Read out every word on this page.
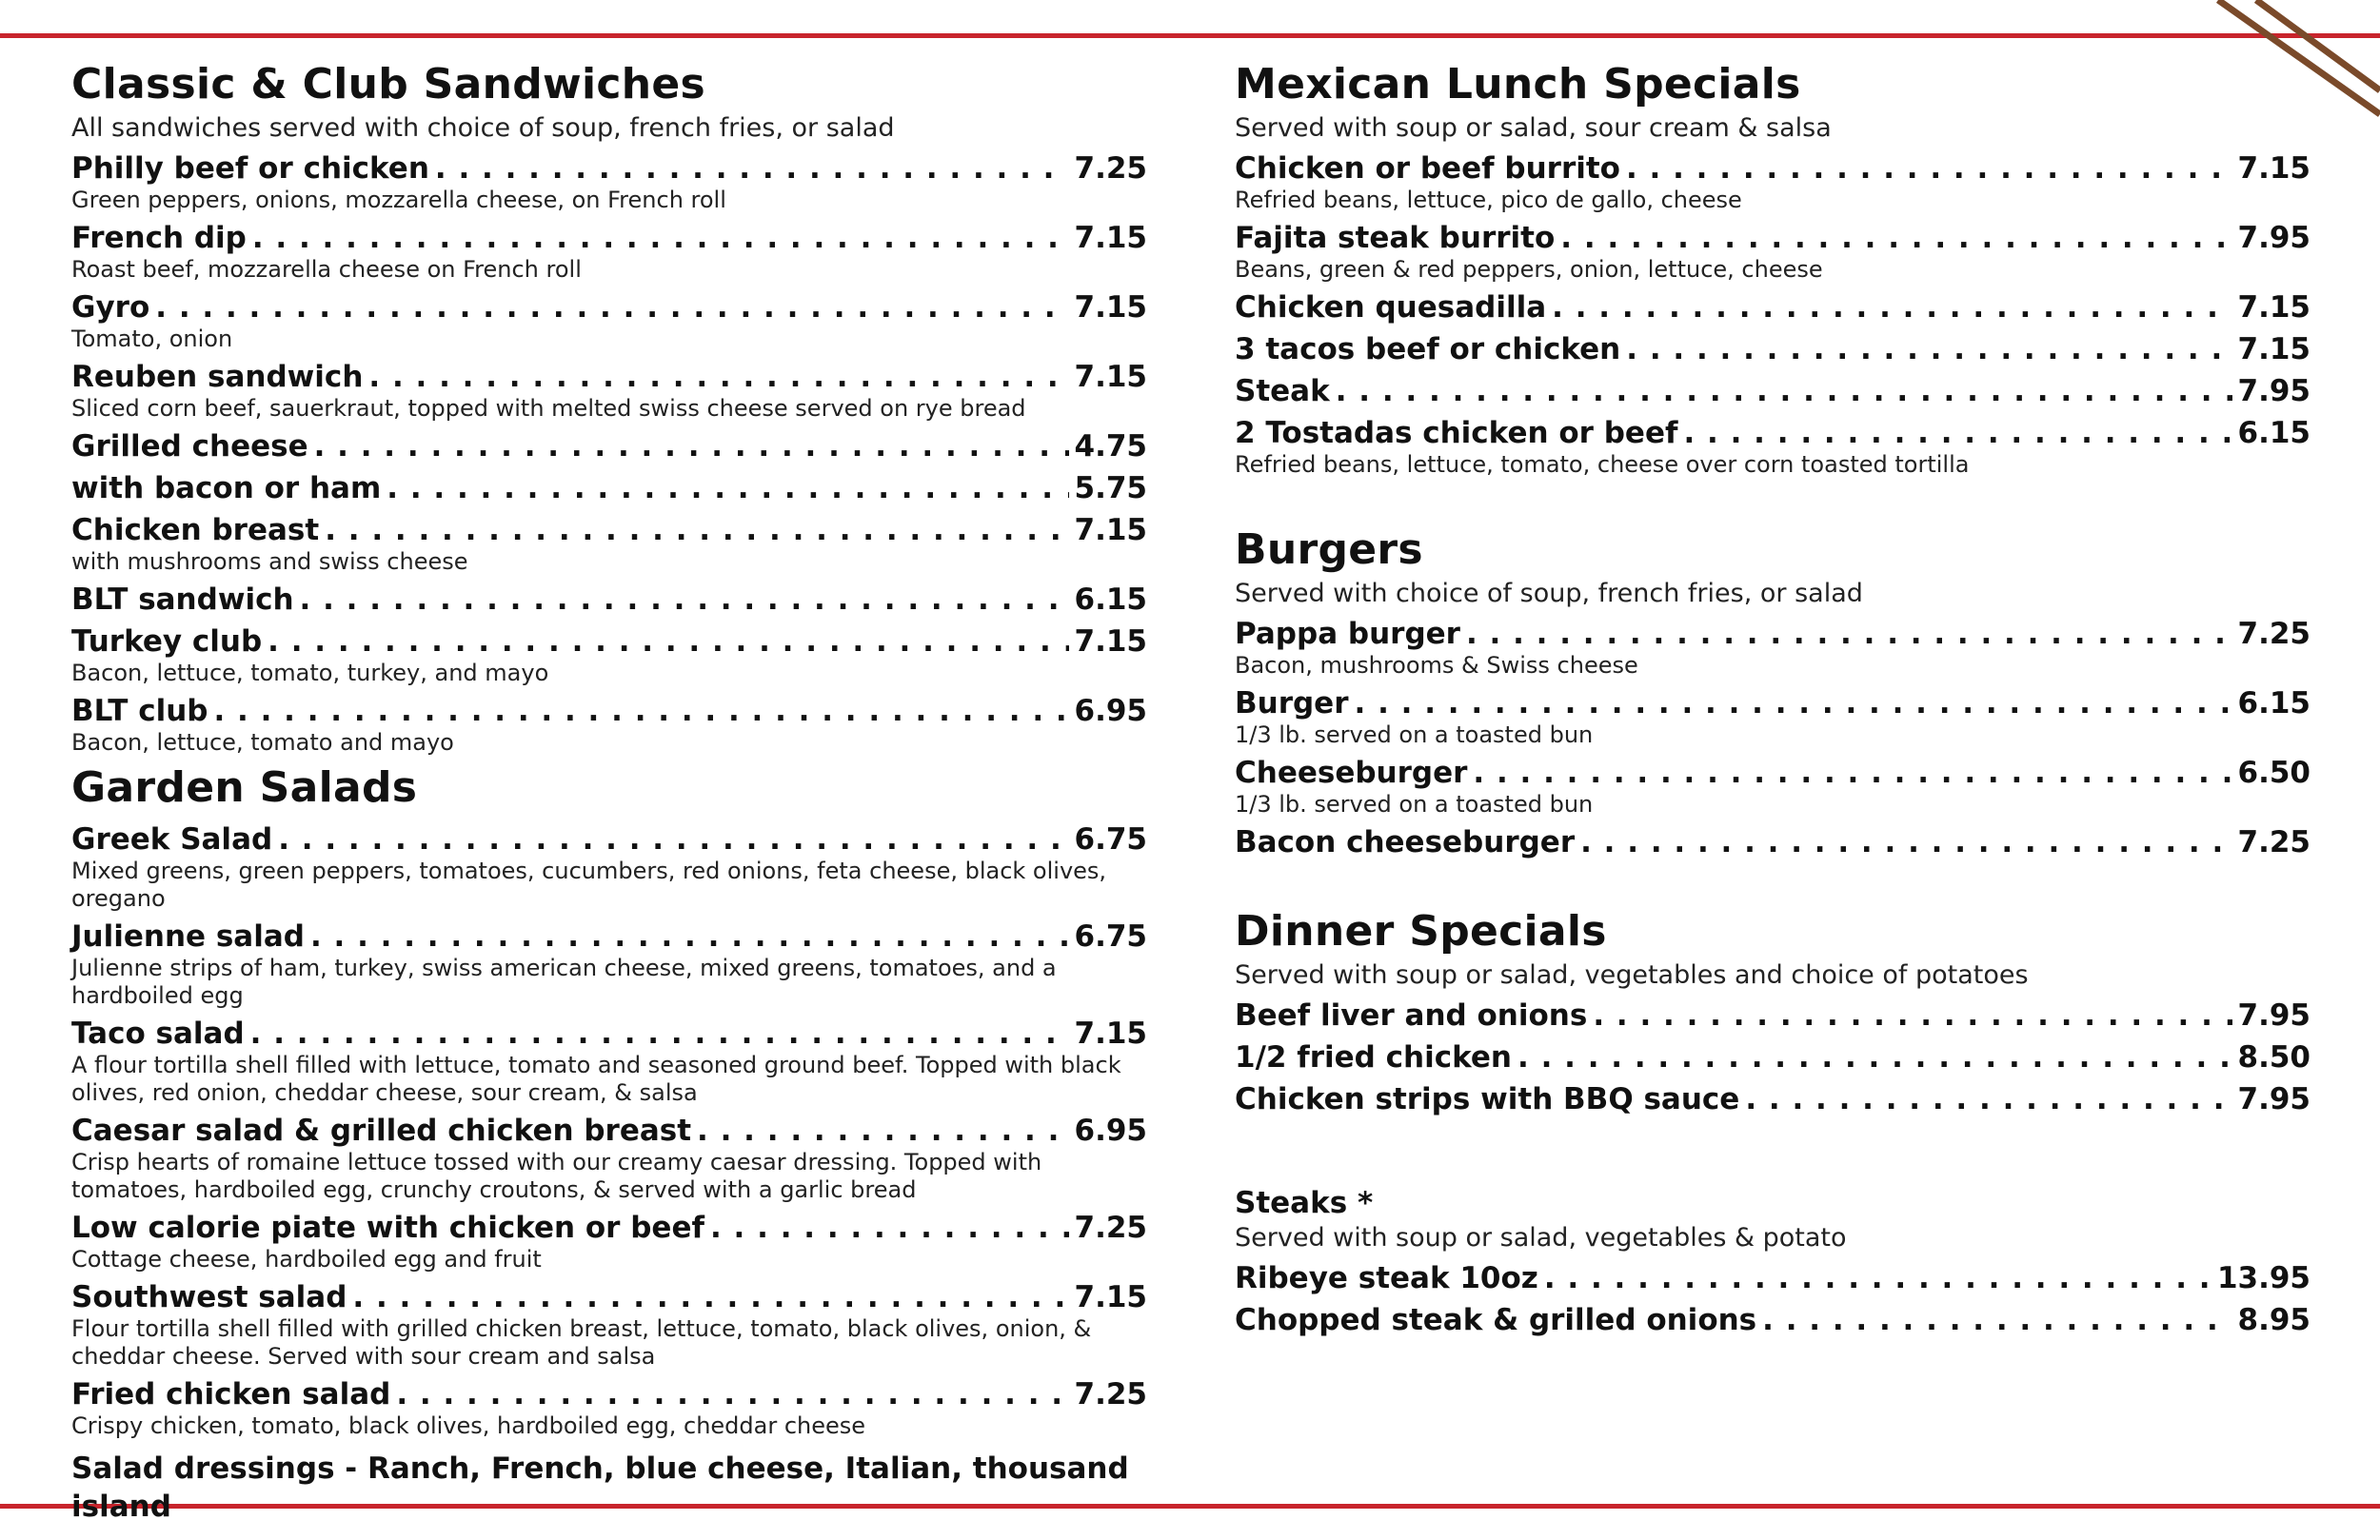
Classic & Club Sandwiches
All sandwiches served with choice of soup, french fries, or salad
Philly beef or chicken . . .	7.25
Green peppers, onions, mozzarella cheese, on French roll
French dip . . .	7.15
Roast beef, mozzarella cheese on French roll
Gyro . . .	7.15
Tomato, onion
Reuben sandwich . . .	7.15
Sliced corn beef, sauerkraut, topped with melted swiss cheese served on rye bread
Grilled cheese . . .	4.75
with bacon or ham . . .	5.75
Chicken breast . . .	7.15
with mushrooms and swiss cheese
BLT sandwich . . .	6.15
Turkey club . . .	7.15
Bacon, lettuce, tomato, turkey, and mayo
BLT club . . .	6.95
Bacon, lettuce, tomato and mayo
Garden Salads
Greek Salad . . .	6.75
Mixed greens, green peppers, tomatoes, cucumbers, red onions, feta cheese, black olives, oregano
Julienne salad . . .	6.75
Julienne strips of ham, turkey, swiss american cheese, mixed greens, tomatoes, and a hardboiled egg
Taco salad . . .	7.15
A flour tortilla shell filled with lettuce, tomato and seasoned ground beef. Topped with black olives, red onion, cheddar cheese, sour cream, & salsa
Caesar salad & grilled chicken breast . . .	6.95
Crisp hearts of romaine lettuce tossed with our creamy caesar dressing. Topped with tomatoes, hardboiled egg, crunchy croutons, & served with a garlic bread
Low calorie piate with chicken or beef . . .	7.25
Cottage cheese, hardboiled egg and fruit
Southwest salad . . .	7.15
Flour tortilla shell filled with grilled chicken breast, lettuce, tomato, black olives, onion, & cheddar cheese. Served with sour cream and salsa
Fried chicken salad . . .	7.25
Crispy chicken, tomato, black olives, hardboiled egg, cheddar cheese
Salad dressings - Ranch, French, blue cheese, Italian, thousand island
Mexican Lunch Specials
Served with soup or salad, sour cream & salsa
Chicken or beef burrito . . .	7.15
Refried beans, lettuce, pico de gallo, cheese
Fajita steak burrito . . .	7.95
Beans, green & red peppers, onion, lettuce, cheese
Chicken quesadilla . . .	7.15
3 tacos beef or chicken . . .	7.15
Steak . . .	7.95
2 Tostadas chicken or beef . . .	6.15
Refried beans, lettuce, tomato, cheese over corn toasted tortilla
Burgers
Served with choice of soup, french fries, or salad
Pappa burger . . .	7.25
Bacon, mushrooms & Swiss cheese
Burger . . .	6.15
1/3 lb. served on a toasted bun
Cheeseburger . . .	6.50
1/3 lb. served on a toasted bun
Bacon cheeseburger . . .	7.25
Dinner Specials
Served with soup or salad, vegetables and choice of potatoes
Beef liver and onions . . .	7.95
1/2 fried chicken . . .	8.50
Chicken strips with BBQ sauce . . .	7.95
Steaks *
Served with soup or salad, vegetables & potato
Ribeye steak 10oz . . .	13.95
Chopped steak & grilled onions . . .	8.95
